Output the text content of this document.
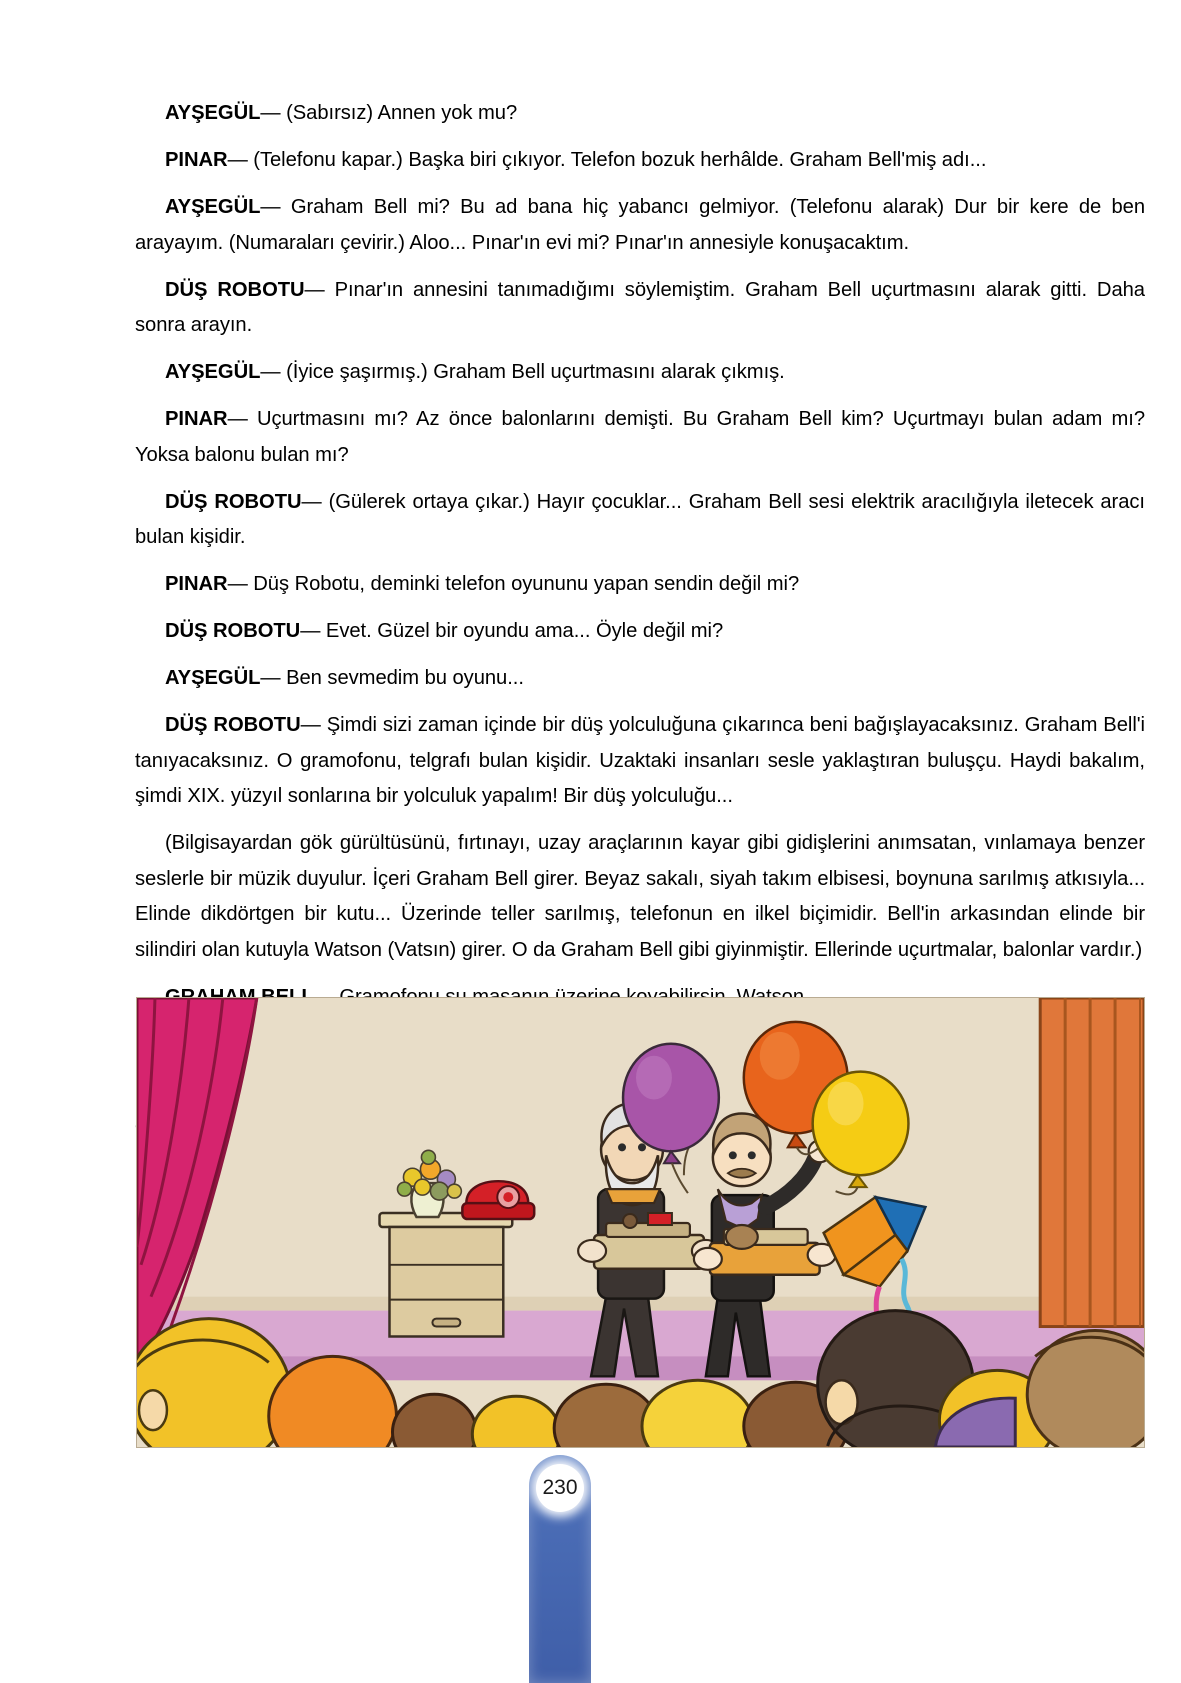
AYŞEGÜL— (Sabırsız) Annen yok mu?

PINAR— (Telefonu kapar.) Başka biri çıkıyor. Telefon bozuk herhâlde. Graham Bell'miş adı...

AYŞEGÜL— Graham Bell mi? Bu ad bana hiç yabancı gelmiyor. (Telefonu alarak) Dur bir kere de ben arayayım. (Numaraları çevirir.) Aloo... Pınar'ın evi mi? Pınar'ın annesiyle konuşacaktım.

DÜŞ ROBOTU— Pınar'ın annesini tanımadığımı söylemiştim. Graham Bell uçurtmasını alarak gitti. Daha sonra arayın.

AYŞEGÜL— (İyice şaşırmış.) Graham Bell uçurtmasını alarak çıkmış.

PINAR— Uçurtmasını mı? Az önce balonlarını demişti. Bu Graham Bell kim? Uçurtmayı bulan adam mı? Yoksa balonu bulan mı?

DÜŞ ROBOTU— (Gülerek ortaya çıkar.) Hayır çocuklar... Graham Bell sesi elektrik aracılığıyla iletecek aracı bulan kişidir.

PINAR— Düş Robotu, deminki telefon oyununu yapan sendin değil mi?

DÜŞ ROBOTU— Evet. Güzel bir oyundu ama... Öyle değil mi?

AYŞEGÜL— Ben sevmedim bu oyunu...

DÜŞ ROBOTU— Şimdi sizi zaman içinde bir düş yolculuğuna çıkarınca beni bağışlayacaksınız. Graham Bell'i tanıyacaksınız. O gramofonu, telgrafı bulan kişidir. Uzaktaki insanları sesle yaklaştıran buluşçu. Haydi bakalım, şimdi XIX. yüzyıl sonlarına bir yolculuk yapalım! Bir düş yolculuğu...

(Bilgisayardan gök gürültüsünü, fırtınayı, uzay araçlarının kayar gibi gidişlerini anımsatan, vınlamaya benzer seslerle bir müzik duyulur. İçeri Graham Bell girer. Beyaz sakalı, siyah takım elbisesi, boynuna sarılmış atkısıyla... Elinde dikdörtgen bir kutu... Üzerinde teller sarılmış, telefonun en ilkel biçimidir. Bell'in arkasından elinde bir silindiri olan kutuyla Watson (Vatsın) girer. O da Graham Bell gibi giyinmiştir. Ellerinde uçurtmalar, balonlar vardır.)

230
